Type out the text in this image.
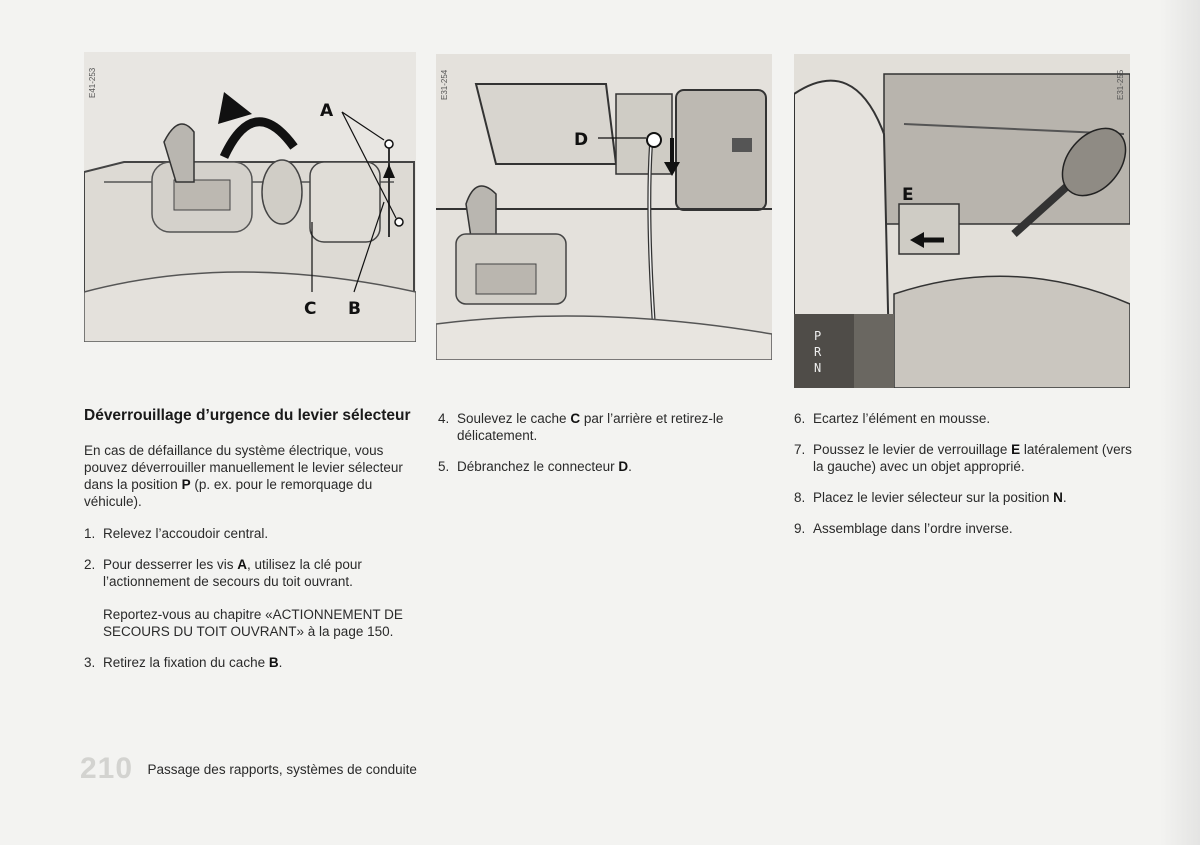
A
C B
E41-253
D
E31-254
P
R
N
E
E31-255
Déverrouillage d’urgence du levier sélecteur

En cas de défaillance du système électrique, vous pouvez déverrouiller manuellement le levier sélecteur dans la position P (p. ex. pour le remorquage du véhicule).

1. Relevez l’accoudoir central.
2. Pour desserrer les vis A, utilisez la clé pour l’actionnement de secours du toit ouvrant.
Reportez-vous au chapitre «ACTIONNEMENT DE SECOURS DU TOIT OUVRANT» à la page 150.
3. Retirez la fixation du cache B.
4. Soulevez le cache C par l’arrière et retirez-le délicatement.
5. Débranchez le connecteur D.
6. Ecartez l’élément en mousse.
7. Poussez le levier de verrouillage E latéralement (vers la gauche) avec un objet approprié.
8. Placez le levier sélecteur sur la position N.
9. Assemblage dans l’ordre inverse.
210 Passage des rapports, systèmes de conduite
